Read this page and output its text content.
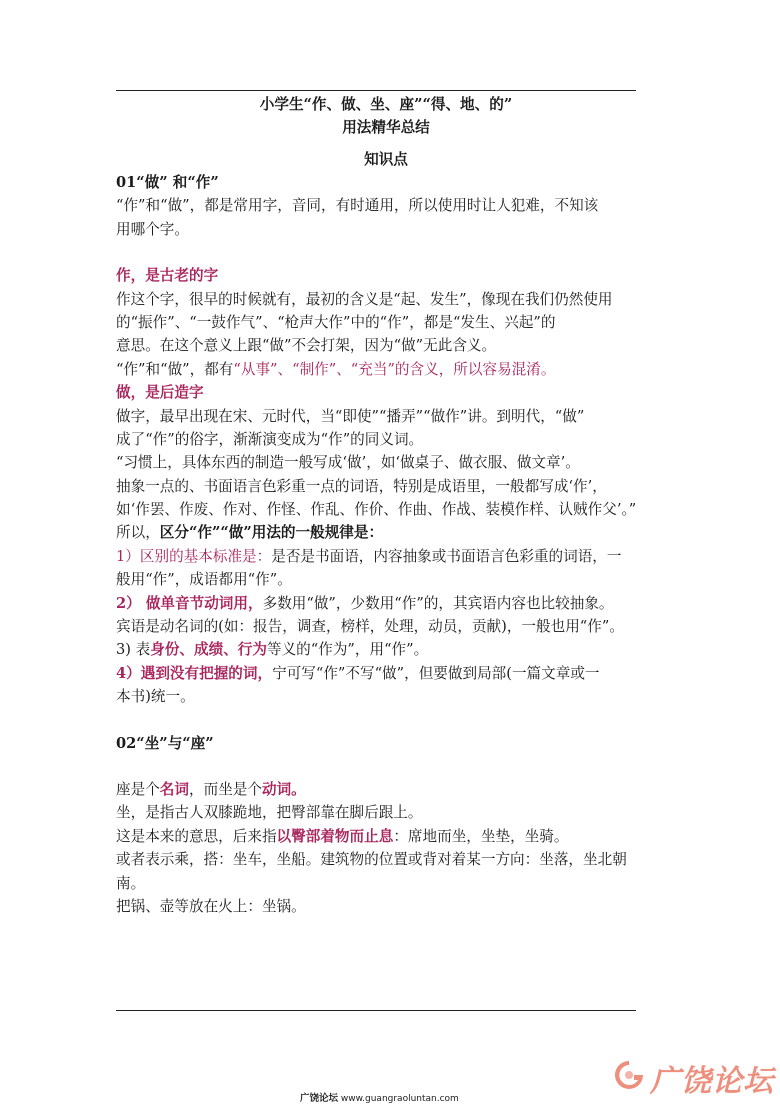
小学生“作、做、坐、座”“得、地、的”
用法精华总结
知识点
01“做” 和“作”
“作”和“做”，都是常用字，音同，有时通用，所以使用时让人犯难，不知该
用哪个字。
作，是古老的字
作这个字，很早的时候就有，最初的含义是“起、发生”，像现在我们仍然使用
的“振作”、“一鼓作气”、“枪声大作”中的“作”，都是“发生、兴起”的
意思。在这个意义上跟“做”不会打架，因为“做”无此含义。
“作”和“做”，都有“从事”、“制作”、“充当”的含义，所以容易混淆。
做，是后造字
做字，最早出现在宋、元时代，当“即使”“播弄”“做作”讲。到明代，“做”
成了“作”的俗字，渐渐演变成为“作”的同义词。
“习惯上，具体东西的制造一般写成‘做’，如‘做桌子、做衣服、做文章’。
抽象一点的、书面语言色彩重一点的词语，特别是成语里，一般都写成‘作’，
如‘作罢、作废、作对、作怪、作乱、作价、作曲、作战、装模作样、认贼作父’。”
所以，区分“作”“做”用法的一般规律是：
1）区别的基本标准是：是否是书面语，内容抽象或书面语言色彩重的词语，一
般用“作”，成语都用“作”。
2） 做单音节动词用，多数用“做”，少数用“作”的，其宾语内容也比较抽象。
宾语是动名词的(如：报告，调查，榜样，处理，动员，贡献)，一般也用“作”。
3) 表身份、成绩、行为等义的“作为”，用“作”。
4）遇到没有把握的词，宁可写“作”不写“做”，但要做到局部(一篇文章或一
本书)统一。
02“坐”与“座”
座是个名词，而坐是个动词。
坐，是指古人双膝跪地，把臀部靠在脚后跟上。
这是本来的意思，后来指以臀部着物而止息：席地而坐，坐垫，坐骑。
或者表示乘，搭：坐车，坐船。建筑物的位置或背对着某一方向：坐落，坐北朝
南。
把锅、壶等放在火上：坐锅。
广饶论坛 www.guangraoluntan.com	广饶论坛
